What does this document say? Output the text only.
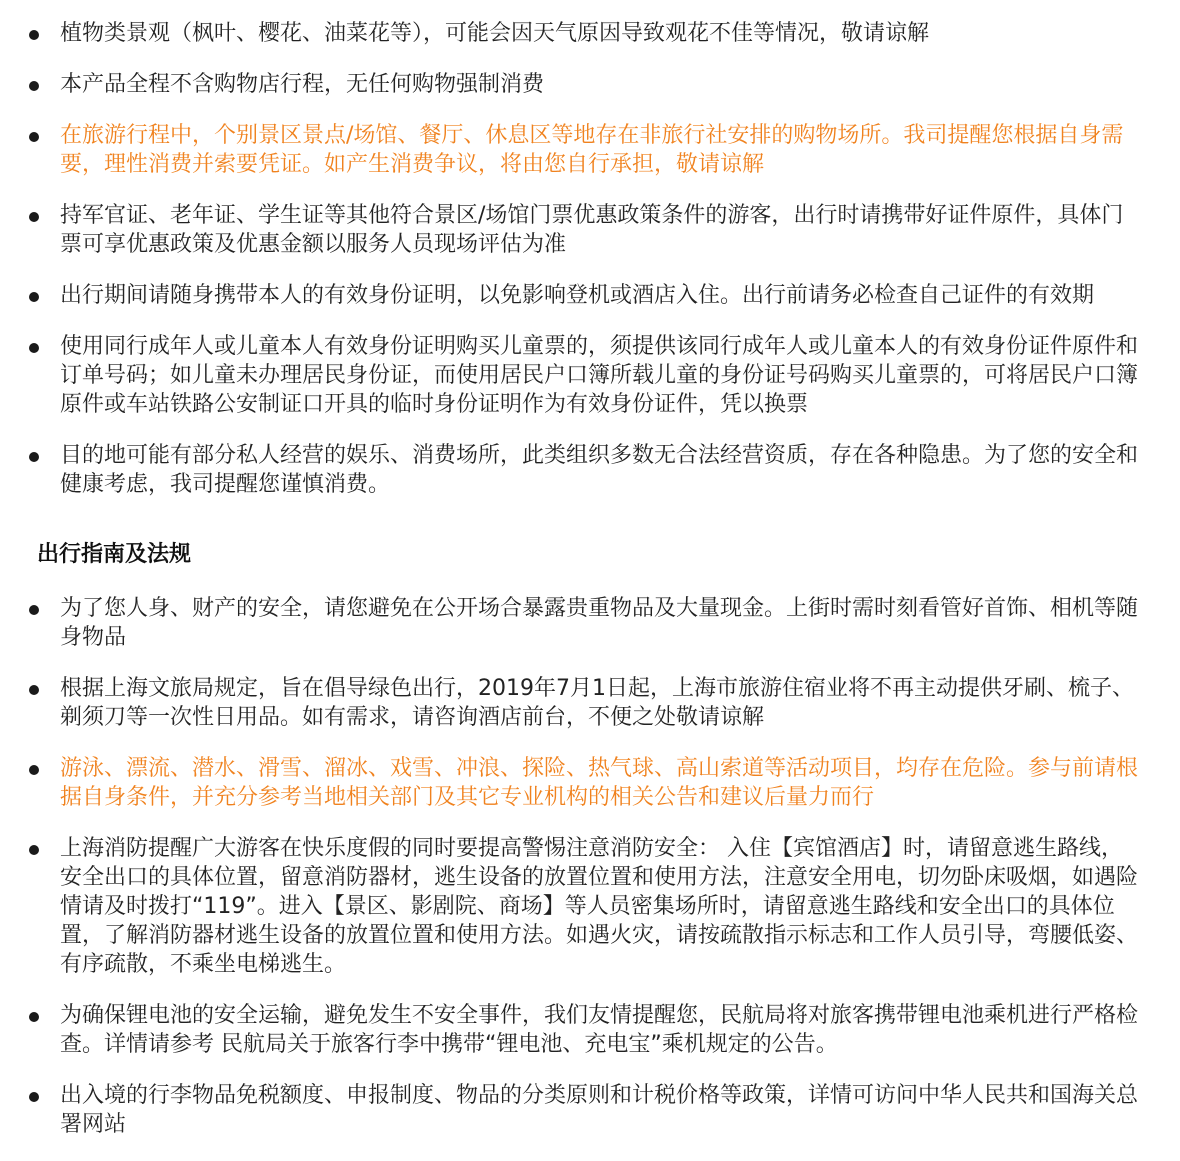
植物类景观（枫叶、樱花、油菜花等），可能会因天气原因导致观花不佳等情况，敬请谅解
本产品全程不含购物店行程，无任何购物强制消费
在旅游行程中，个别景区景点/场馆、餐厅、休息区等地存在非旅行社安排的购物场所。我司提醒您根据自身需要，理性消费并索要凭证。如产生消费争议，将由您自行承担，敬请谅解
持军官证、老年证、学生证等其他符合景区/场馆门票优惠政策条件的游客，出行时请携带好证件原件，具体门票可享优惠政策及优惠金额以服务人员现场评估为准
出行期间请随身携带本人的有效身份证明，以免影响登机或酒店入住。出行前请务必检查自己证件的有效期
使用同行成年人或儿童本人有效身份证明购买儿童票的，须提供该同行成年人或儿童本人的有效身份证件原件和订单号码；如儿童未办理居民身份证，而使用居民户口簿所载儿童的身份证号码购买儿童票的，可将居民户口簿原件或车站铁路公安制证口开具的临时身份证明作为有效身份证件，凭以换票
目的地可能有部分私人经营的娱乐、消费场所，此类组织多数无合法经营资质，存在各种隐患。为了您的安全和健康考虑，我司提醒您谨慎消费。
出行指南及法规
为了您人身、财产的安全，请您避免在公开场合暴露贵重物品及大量现金。上街时需时刻看管好首饰、相机等随身物品
根据上海文旅局规定，旨在倡导绿色出行，2019年7月1日起，上海市旅游住宿业将不再主动提供牙刷、梳子、剃须刀等一次性日用品。如有需求，请咨询酒店前台，不便之处敬请谅解
游泳、漂流、潜水、滑雪、溜冰、戏雪、冲浪、探险、热气球、高山索道等活动项目，均存在危险。参与前请根据自身条件，并充分参考当地相关部门及其它专业机构的相关公告和建议后量力而行
上海消防提醒广大游客在快乐度假的同时要提高警惕注意消防安全： 入住【宾馆酒店】时，请留意逃生路线，安全出口的具体位置，留意消防器材，逃生设备的放置位置和使用方法，注意安全用电，切勿卧床吸烟，如遇险情请及时拨打“119”。进入【景区、影剧院、商场】等人员密集场所时，请留意逃生路线和安全出口的具体位置，了解消防器材逃生设备的放置位置和使用方法。如遇火灾，请按疏散指示标志和工作人员引导，弯腰低姿、有序疏散，不乘坐电梯逃生。
为确保锂电池的安全运输，避免发生不安全事件，我们友情提醒您，民航局将对旅客携带锂电池乘机进行严格检查。详情请参考 民航局关于旅客行李中携带“锂电池、充电宝”乘机规定的公告。
出入境的行李物品免税额度、申报制度、物品的分类原则和计税价格等政策，详情可访问中华人民共和国海关总署网站
